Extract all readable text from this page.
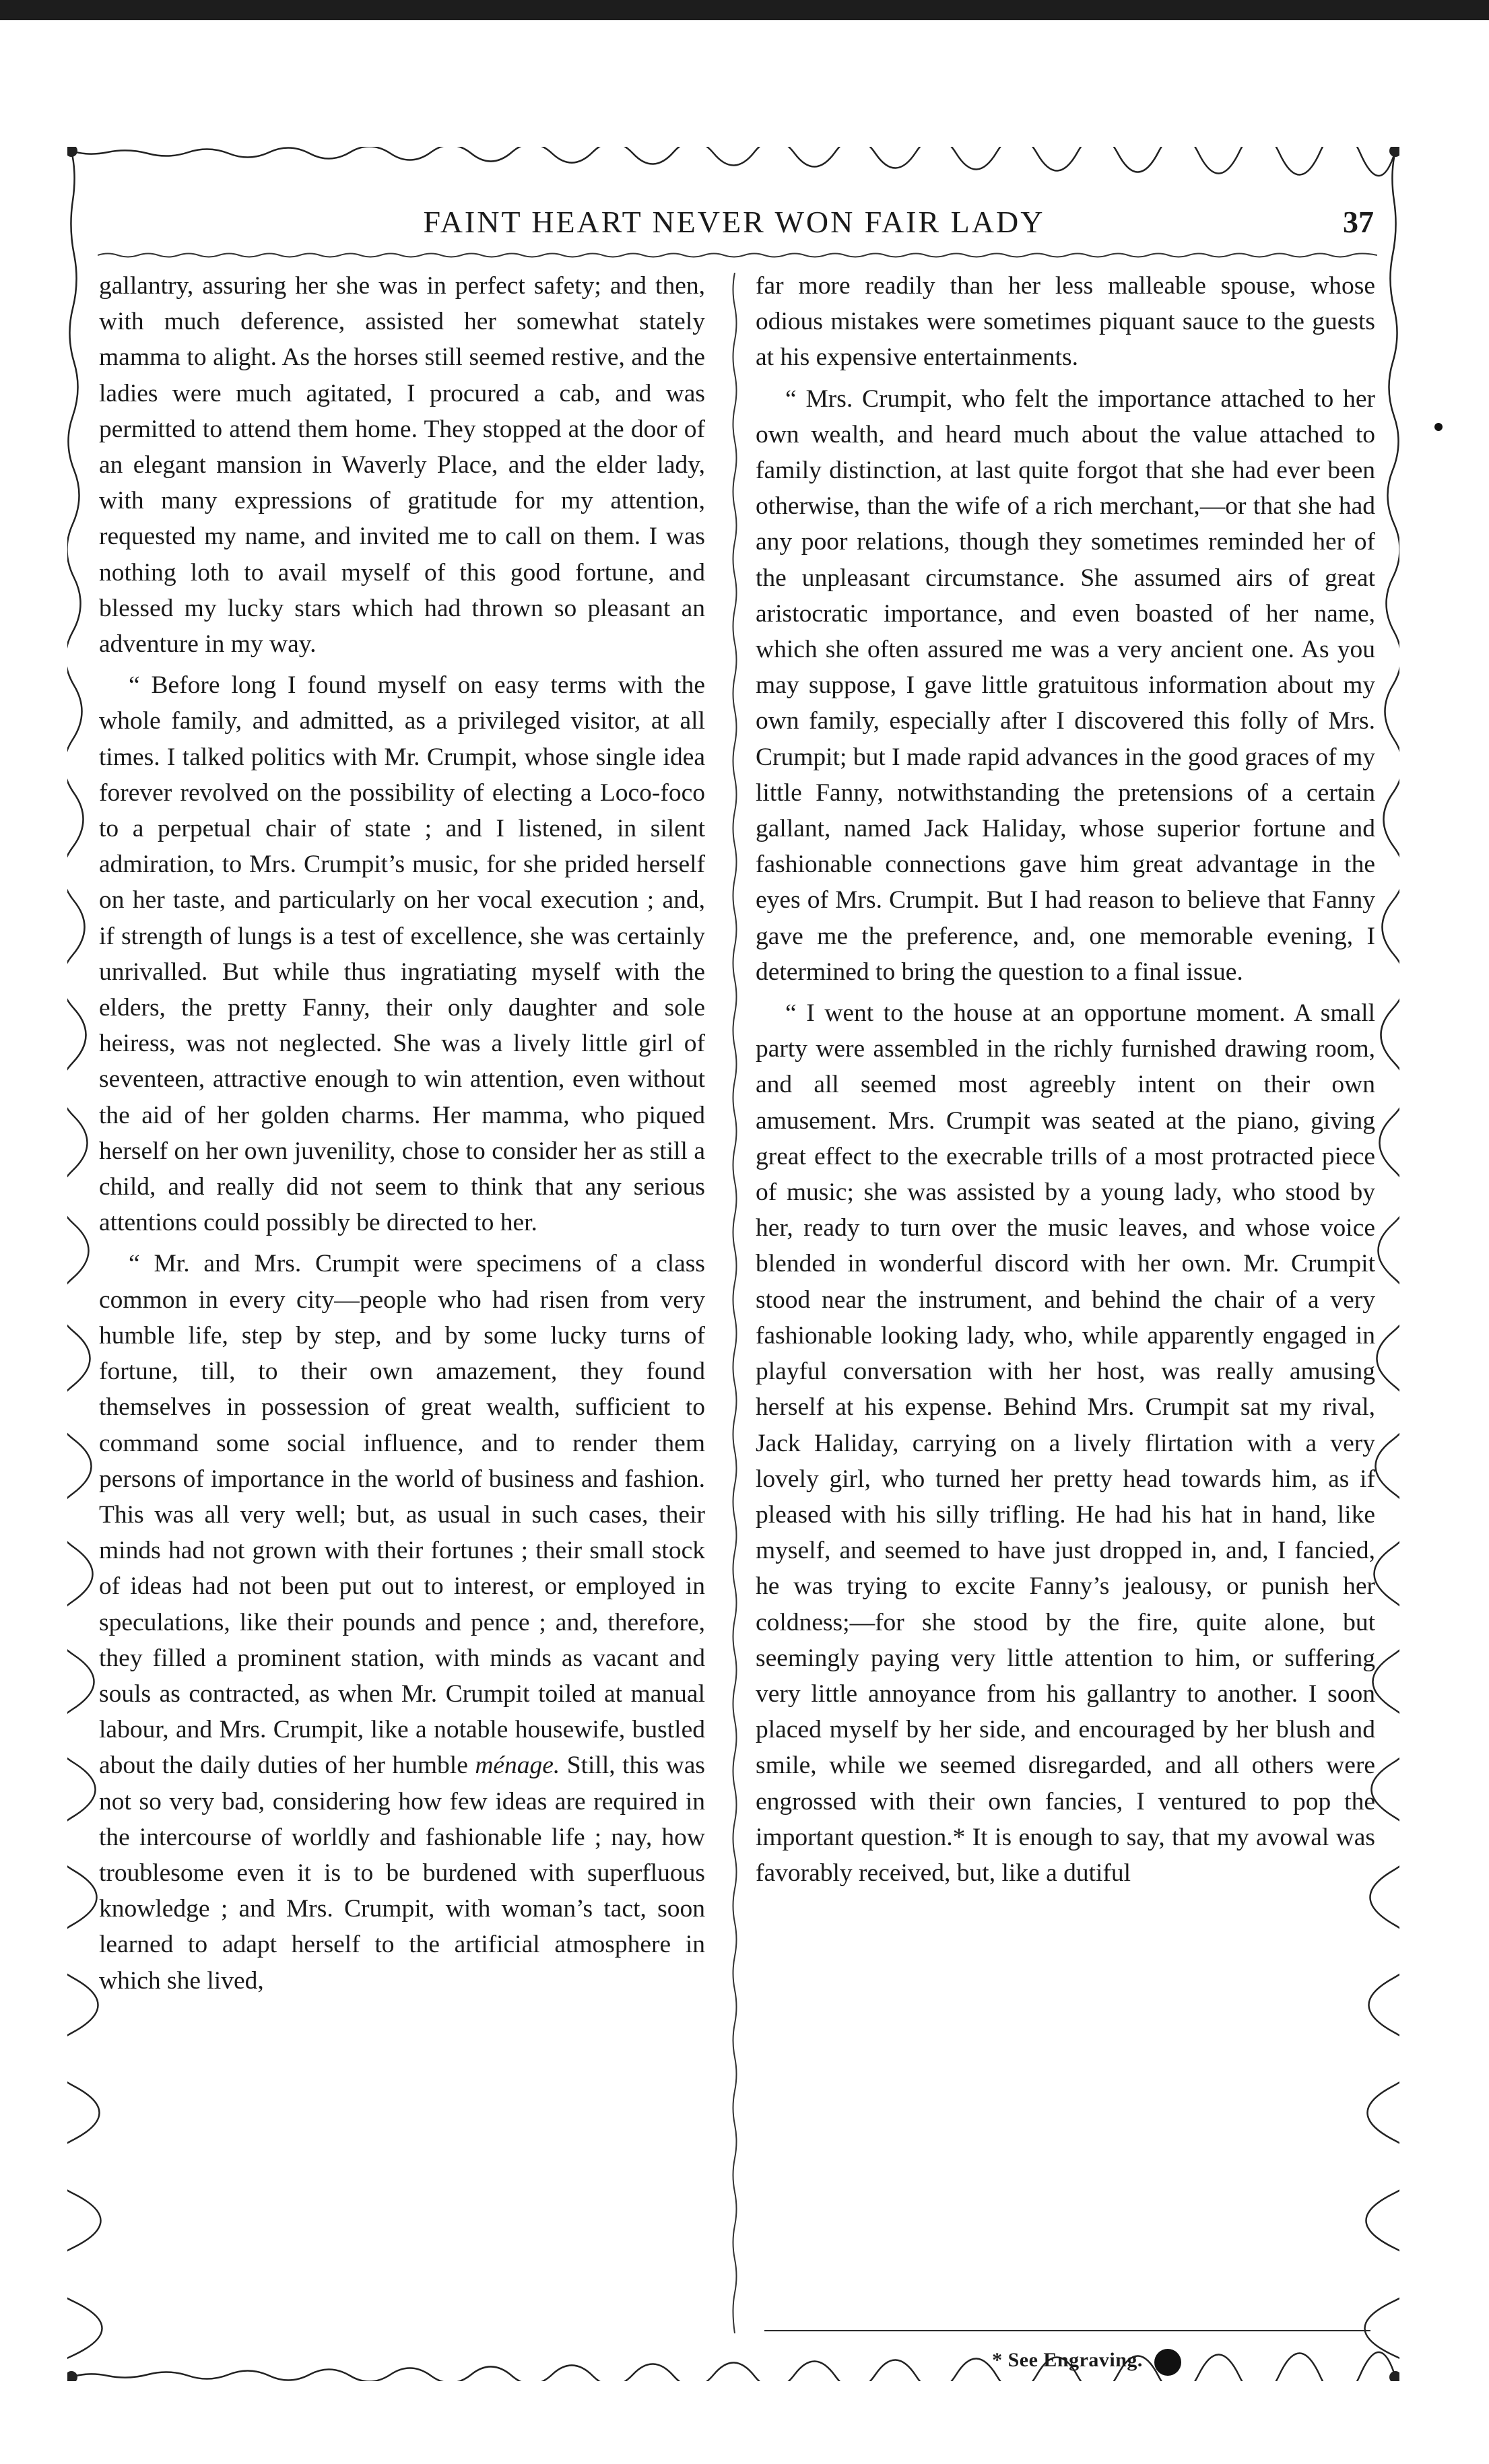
FAINT HEART NEVER WON FAIR LADY	37

gallantry, assuring her she was in perfect safety; and then, with much deference, assisted her somewhat stately mamma to alight. As the horses still seemed restive, and the ladies were much agitated, I procured a cab, and was permitted to attend them home. They stopped at the door of an elegant mansion in Waverly Place, and the elder lady, with many expressions of gratitude for my attention, requested my name, and invited me to call on them. I was nothing loth to avail myself of this good fortune, and blessed my lucky stars which had thrown so pleasant an adventure in my way.

“ Before long I found myself on easy terms with the whole family, and admitted, as a privileged visitor, at all times. I talked politics with Mr. Crumpit, whose single idea forever revolved on the possibility of electing a Loco-foco to a perpetual chair of state ; and I listened, in silent admiration, to Mrs. Crumpit’s music, for she prided herself on her taste, and particularly on her vocal execution ; and, if strength of lungs is a test of excellence, she was certainly unrivalled. But while thus ingratiating myself with the elders, the pretty Fanny, their only daughter and sole heiress, was not neglected. She was a lively little girl of seventeen, attractive enough to win attention, even without the aid of her golden charms. Her mamma, who piqued herself on her own juvenility, chose to consider her as still a child, and really did not seem to think that any serious attentions could possibly be directed to her.

“ Mr. and Mrs. Crumpit were specimens of a class common in every city—people who had risen from very humble life, step by step, and by some lucky turns of fortune, till, to their own amazement, they found themselves in possession of great wealth, sufficient to command some social influence, and to render them persons of importance in the world of business and fashion. This was all very well; but, as usual in such cases, their minds had not grown with their fortunes ; their small stock of ideas had not been put out to interest, or employed in speculations, like their pounds and pence ; and, therefore, they filled a prominent station, with minds as vacant and souls as contracted, as when Mr. Crumpit toiled at manual labour, and Mrs. Crumpit, like a notable housewife, bustled about the daily duties of her humble ménage. Still, this was not so very bad, considering how few ideas are required in the intercourse of worldly and fashionable life ; nay, how troublesome even it is to be burdened with superfluous knowledge ; and Mrs. Crumpit, with woman’s tact, soon learned to adapt herself to the artificial atmosphere in which she lived,

far more readily than her less malleable spouse, whose odious mistakes were sometimes piquant sauce to the guests at his expensive entertainments.

“ Mrs. Crumpit, who felt the importance attached to her own wealth, and heard much about the value attached to family distinction, at last quite forgot that she had ever been otherwise, than the wife of a rich merchant,—or that she had any poor relations, though they sometimes reminded her of the unpleasant circumstance. She assumed airs of great aristocratic importance, and even boasted of her name, which she often assured me was a very ancient one. As you may suppose, I gave little gratuitous information about my own family, especially after I discovered this folly of Mrs. Crumpit; but I made rapid advances in the good graces of my little Fanny, notwithstanding the pretensions of a certain gallant, named Jack Haliday, whose superior fortune and fashionable connections gave him great advantage in the eyes of Mrs. Crumpit. But I had reason to believe that Fanny gave me the preference, and, one memorable evening, I determined to bring the question to a final issue.

“ I went to the house at an opportune moment. A small party were assembled in the richly furnished drawing room, and all seemed most agreebly intent on their own amusement. Mrs. Crumpit was seated at the piano, giving great effect to the execrable trills of a most protracted piece of music; she was assisted by a young lady, who stood by her, ready to turn over the music leaves, and whose voice blended in wonderful discord with her own. Mr. Crumpit stood near the instrument, and behind the chair of a very fashionable looking lady, who, while apparently engaged in playful conversation with her host, was really amusing herself at his expense. Behind Mrs. Crumpit sat my rival, Jack Haliday, carrying on a lively flirtation with a very lovely girl, who turned her pretty head towards him, as if pleased with his silly trifling. He had his hat in hand, like myself, and seemed to have just dropped in, and, I fancied, he was trying to excite Fanny’s jealousy, or punish her coldness;—for she stood by the fire, quite alone, but seemingly paying very little attention to him, or suffering very little annoyance from his gallantry to another. I soon placed myself by her side, and encouraged by her blush and smile, while we seemed disregarded, and all others were engrossed with their own fancies, I ventured to pop the important question.* It is enough to say, that my avowal was favorably received, but, like a dutiful

* See Engraving.
